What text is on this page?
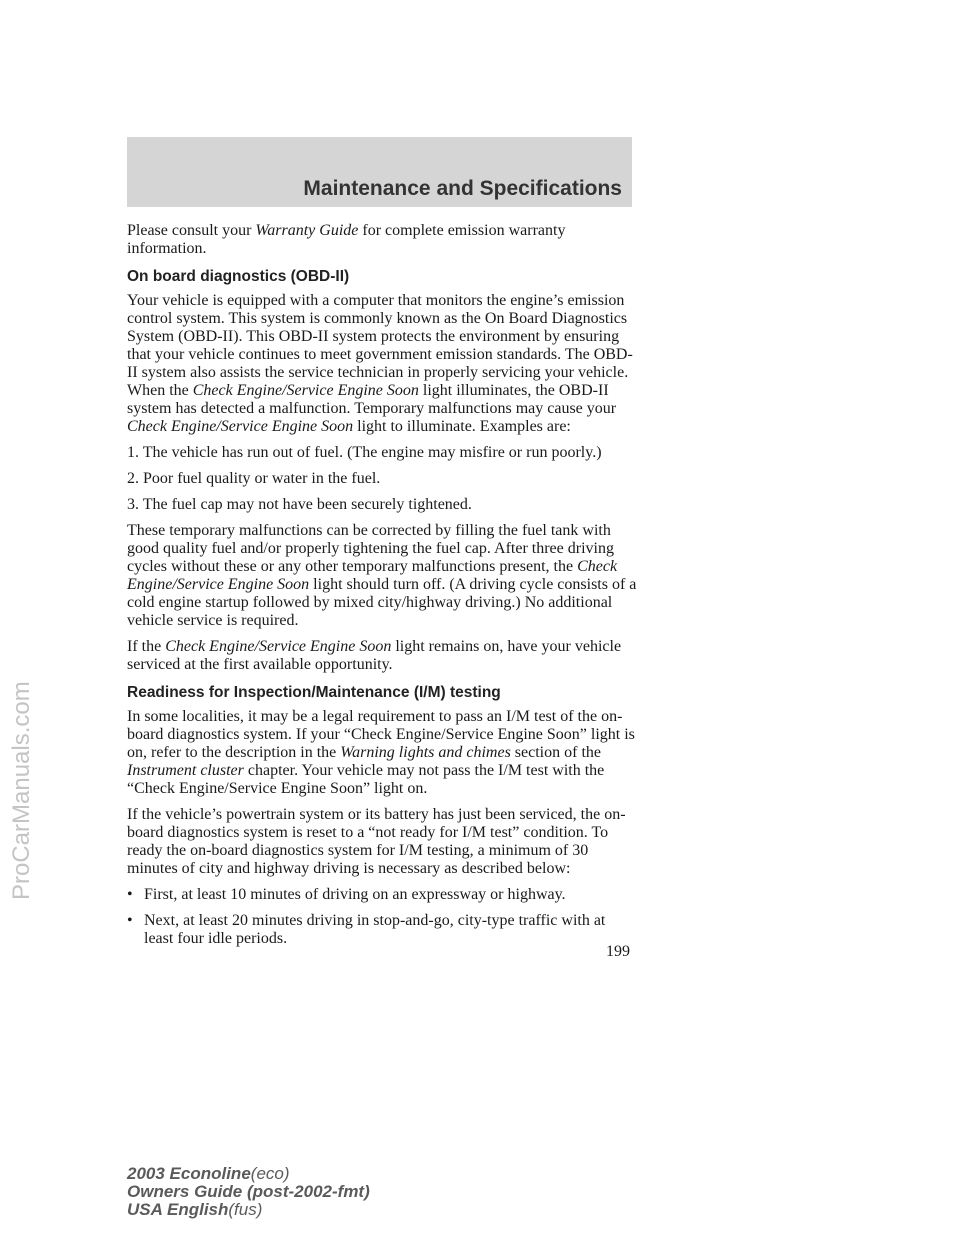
Maintenance and Specifications

Please consult your Warranty Guide for complete emission warranty information.

On board diagnostics (OBD-II)

Your vehicle is equipped with a computer that monitors the engine’s emission control system. This system is commonly known as the On Board Diagnostics System (OBD-II). This OBD-II system protects the environment by ensuring that your vehicle continues to meet government emission standards. The OBD-II system also assists the service technician in properly servicing your vehicle. When the Check Engine/Service Engine Soon light illuminates, the OBD-II system has detected a malfunction. Temporary malfunctions may cause your Check Engine/Service Engine Soon light to illuminate. Examples are:

1. The vehicle has run out of fuel. (The engine may misfire or run poorly.)

2. Poor fuel quality or water in the fuel.

3. The fuel cap may not have been securely tightened.

These temporary malfunctions can be corrected by filling the fuel tank with good quality fuel and/or properly tightening the fuel cap. After three driving cycles without these or any other temporary malfunctions present, the Check Engine/Service Engine Soon light should turn off. (A driving cycle consists of a cold engine startup followed by mixed city/highway driving.) No additional vehicle service is required.

If the Check Engine/Service Engine Soon light remains on, have your vehicle serviced at the first available opportunity.

Readiness for Inspection/Maintenance (I/M) testing

In some localities, it may be a legal requirement to pass an I/M test of the on-board diagnostics system. If your “Check Engine/Service Engine Soon” light is on, refer to the description in the Warning lights and chimes section of the Instrument cluster chapter. Your vehicle may not pass the I/M test with the “Check Engine/Service Engine Soon” light on.

If the vehicle’s powertrain system or its battery has just been serviced, the on-board diagnostics system is reset to a “not ready for I/M test” condition. To ready the on-board diagnostics system for I/M testing, a minimum of 30 minutes of city and highway driving is necessary as described below:

• First, at least 10 minutes of driving on an expressway or highway.
• Next, at least 20 minutes driving in stop-and-go, city-type traffic with at least four idle periods.
199
2003 Econoline(eco)
Owners Guide (post-2002-fmt)
USA English(fus)
ProCarManuals.com
